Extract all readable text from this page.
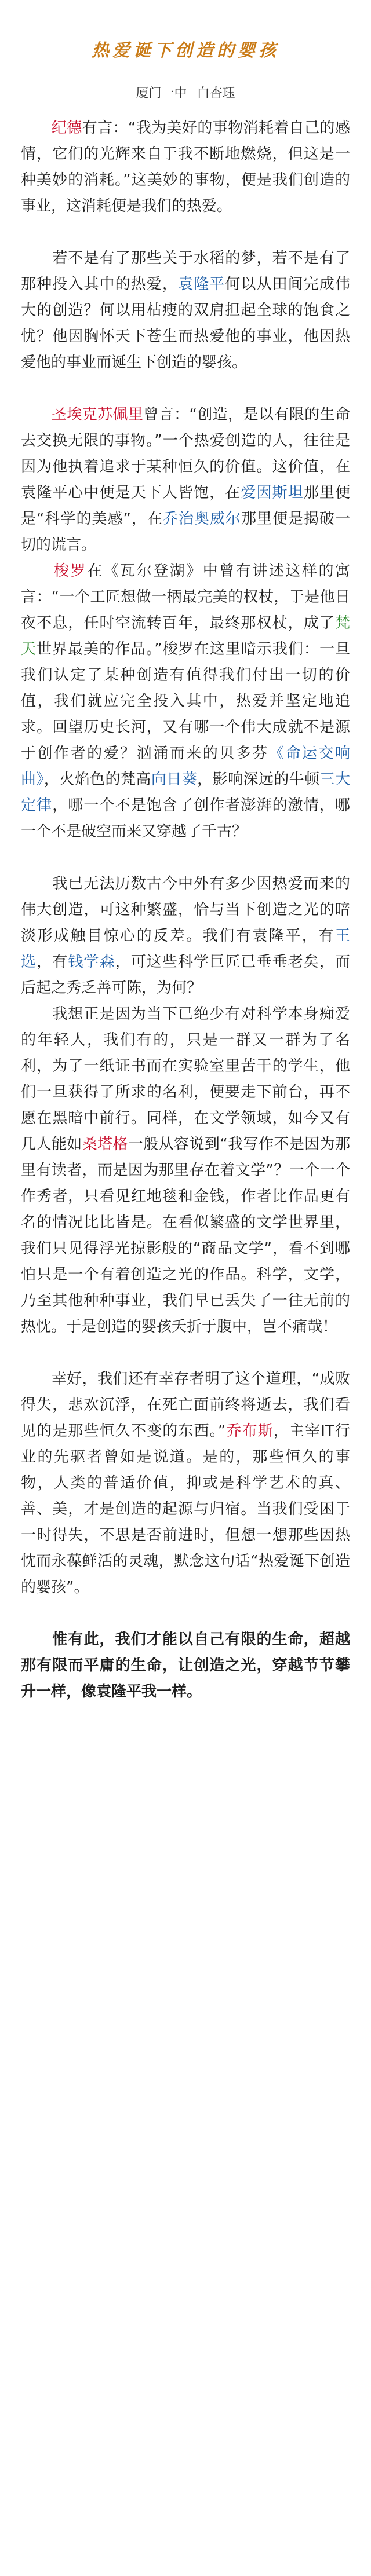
热爱诞下创造的婴孩
厦门一中 白杏珏

　　纪德有言：“我为美好的事物消耗着自己的感情，它们的光辉来自于我不断地燃烧，但这是一种美妙的消耗。”这美妙的事物，便是我们创造的事业，这消耗便是我们的热爱。

　　若不是有了那些关于水稻的梦，若不是有了那种投入其中的热爱，袁隆平何以从田间完成伟大的创造？何以用枯瘦的双肩担起全球的饱食之忧？他因胸怀天下苍生而热爱他的事业，他因热爱他的事业而诞生下创造的婴孩。

　　圣埃克苏佩里曾言：“创造，是以有限的生命去交换无限的事物。”一个热爱创造的人，往往是因为他执着追求于某种恒久的价值。这价值，在袁隆平心中便是天下人皆饱，在爱因斯坦那里便是“科学的美感”，在乔治奥威尔那里便是揭破一切的谎言。

　　梭罗在《瓦尔登湖》中曾有讲述这样的寓言：“一个工匠想做一柄最完美的权杖，于是他日夜不息，任时空流转百年，最终那权杖，成了梵天世界最美的作品。”梭罗在这里暗示我们：一旦我们认定了某种创造有值得我们付出一切的价值，我们就应完全投入其中，热爱并坚定地追求。回望历史长河，又有哪一个伟大成就不是源于创作者的爱？汹涌而来的贝多芬《命运交响曲》，火焰色的梵高向日葵，影响深远的牛顿三大定律，哪一个不是饱含了创作者澎湃的激情，哪一个不是破空而来又穿越了千古？

　　我已无法历数古今中外有多少因热爱而来的伟大创造，可这种繁盛，恰与当下创造之光的暗淡形成触目惊心的反差。我们有袁隆平，有王选，有钱学森，可这些科学巨匠已垂垂老矣，而后起之秀乏善可陈，为何？

　　我想正是因为当下已绝少有对科学本身痴爱的年轻人，我们有的，只是一群又一群为了名利，为了一纸证书而在实验室里苦干的学生，他们一旦获得了所求的名利，便要走下前台，再不愿在黑暗中前行。同样，在文学领域，如今又有几人能如桑塔格一般从容说到“我写作不是因为那里有读者，而是因为那里存在着文学”？一个一个作秀者，只看见红地毯和金钱，作者比作品更有名的情况比比皆是。在看似繁盛的文学世界里，我们只见得浮光掠影般的“商品文学”，看不到哪怕只是一个有着创造之光的作品。科学，文学，乃至其他种种事业，我们早已丢失了一往无前的热忱。于是创造的婴孩夭折于腹中，岂不痛哉！

　　幸好，我们还有幸存者明了这个道理，“成败得失，悲欢沉浮，在死亡面前终将逝去，我们看见的是那些恒久不变的东西。”乔布斯，主宰IT行业的先驱者曾如是说道。是的，那些恒久的事物，人类的普适价值，抑或是科学艺术的真、善、美，才是创造的起源与归宿。当我们受困于一时得失，不思是否前进时，但想一想那些因热忱而永葆鲜活的灵魂，默念这句话“热爱诞下创造的婴孩”。

　　惟有此，我们才能以自己有限的生命，超越那有限而平庸的生命，让创造之光，穿越节节攀升一样，像袁隆平我一样。
